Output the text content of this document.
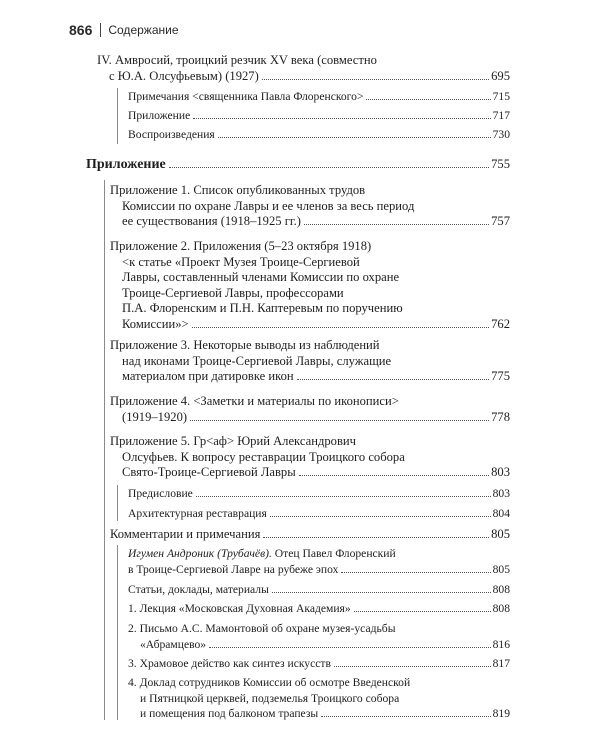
866 Содержание
IV. Амвросий, троицкий резчик XV века (совместно
с Ю.А. Олсуфьевым) (1927)	695
Примечания <священника Павла Флоренского>	715
Приложение	717
Воспроизведения	730
Приложение	755
Приложение 1. Список опубликованных трудов
Комиссии по охране Лавры и ее членов за весь период
ее существования (1918–1925 гг.)	757
Приложение 2. Приложения (5–23 октября 1918)
<к статье «Проект Музея Троице-Сергиевой
Лавры, составленный членами Комиссии по охране
Троице-Сергиевой Лавры, профессорами
П.А. Флоренским и П.Н. Каптеревым по поручению
Комиссии»>	762
Приложение 3. Некоторые выводы из наблюдений
над иконами Троице-Сергиевой Лавры, служащие
материалом при датировке икон	775
Приложение 4. <Заметки и материалы по иконописи>
(1919–1920)	778
Приложение 5. Гр<аф> Юрий Александрович
Олсуфьев. К вопросу реставрации Троицкого собора
Свято-Троице-Сергиевой Лавры	803
Предисловие	803
Архитектурная реставрация	804
Комментарии и примечания	805
Игумен Андроник (Трубачёв). Отец Павел Флоренский
в Троице-Сергиевой Лавре на рубеже эпох	805
Статьи, доклады, материалы	808
1. Лекция «Московская Духовная Академия»	808
2. Письмо А.С. Мамонтовой об охране музея-усадьбы
«Абрамцево»	816
3. Храмовое действо как синтез искусств	817
4. Доклад сотрудников Комиссии об осмотре Введенской
и Пятницкой церквей, подземелья Троицкого собора
и помещения под балконом трапезы	819
